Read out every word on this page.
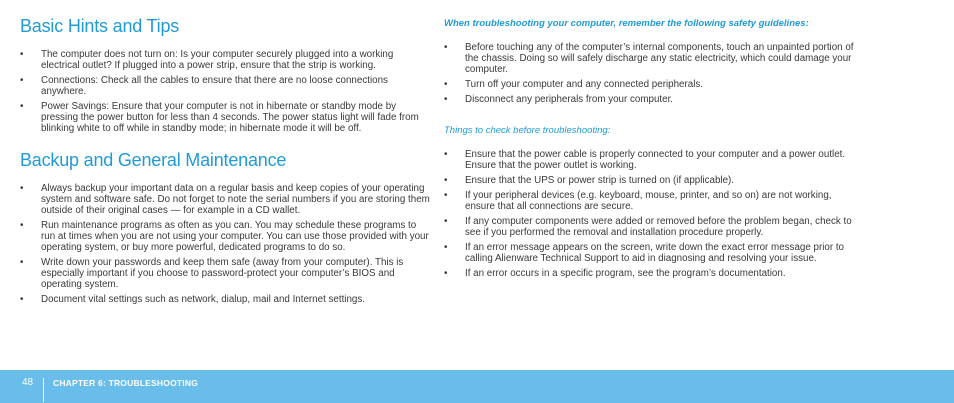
Basic Hints and Tips
• The computer does not turn on: Is your computer securely plugged into a working electrical outlet? If plugged into a power strip, ensure that the strip is working.
• Connections: Check all the cables to ensure that there are no loose connections anywhere.
• Power Savings: Ensure that your computer is not in hibernate or standby mode by pressing the power button for less than 4 seconds. The power status light will fade from blinking white to off while in standby mode; in hibernate mode it will be off.
Backup and General Maintenance
• Always backup your important data on a regular basis and keep copies of your operating system and software safe. Do not forget to note the serial numbers if you are storing them outside of their original cases — for example in a CD wallet.
• Run maintenance programs as often as you can. You may schedule these programs to run at times when you are not using your computer. You can use those provided with your operating system, or buy more powerful, dedicated programs to do so.
• Write down your passwords and keep them safe (away from your computer). This is especially important if you choose to password-protect your computer’s BIOS and operating system.
• Document vital settings such as network, dialup, mail and Internet settings.

When troubleshooting your computer, remember the following safety guidelines:

• Before touching any of the computer’s internal components, touch an unpainted portion of the chassis. Doing so will safely discharge any static electricity, which could damage your computer.
• Turn off your computer and any connected peripherals.
• Disconnect any peripherals from your computer.

Things to check before troubleshooting:

• Ensure that the power cable is properly connected to your computer and a power outlet. Ensure that the power outlet is working.
• Ensure that the UPS or power strip is turned on (if applicable).
• If your peripheral devices (e.g. keyboard, mouse, printer, and so on) are not working, ensure that all connections are secure.
• If any computer components were added or removed before the problem began, check to see if you performed the removal and installation procedure properly.
• If an error message appears on the screen, write down the exact error message prior to calling Alienware Technical Support to aid in diagnosing and resolving your issue.
• If an error occurs in a specific program, see the program’s documentation.
48 CHAPTER 6: TROUBLESHOOTING
